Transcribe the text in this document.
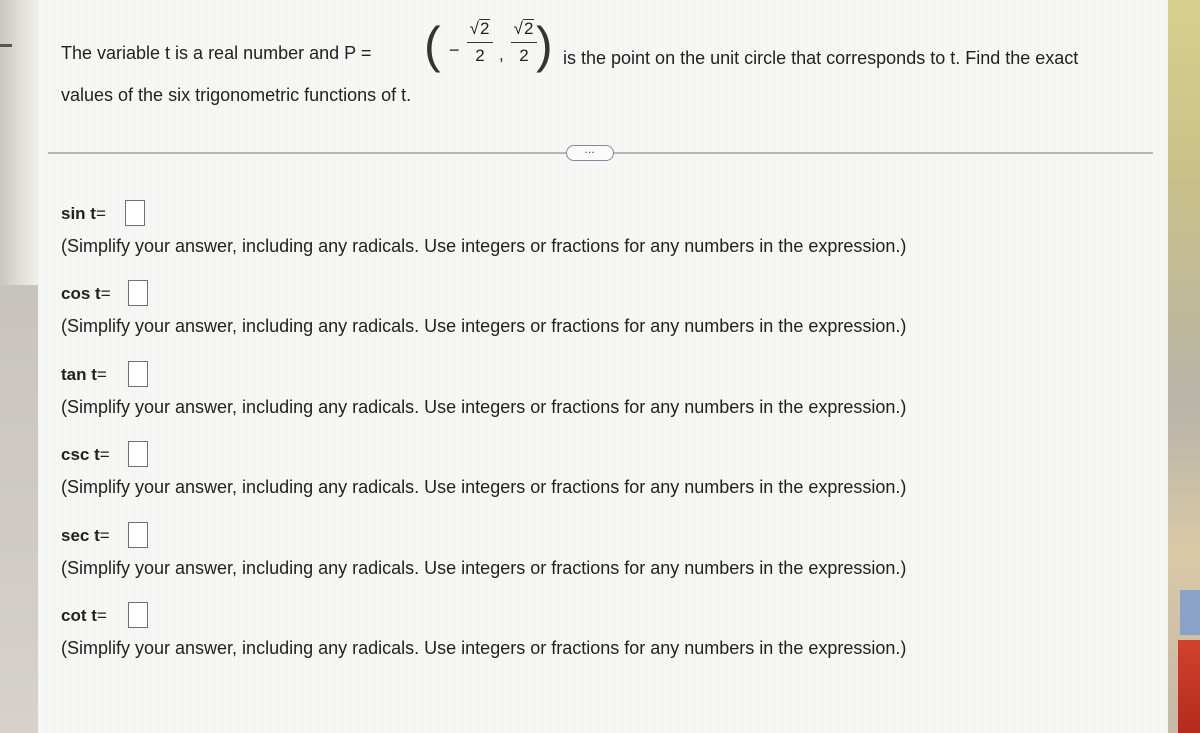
The variable t is a real number and P = ( −
√2
2 ,
√2
2 ) is the point on the unit circle that corresponds to t. Find the exact
values of the six trigonometric functions of t.
…
sin t=
(Simplify your answer, including any radicals. Use integers or fractions for any numbers in the expression.)
cos t=
(Simplify your answer, including any radicals. Use integers or fractions for any numbers in the expression.)
tan t=
(Simplify your answer, including any radicals. Use integers or fractions for any numbers in the expression.)
csc t=
(Simplify your answer, including any radicals. Use integers or fractions for any numbers in the expression.)
sec t=
(Simplify your answer, including any radicals. Use integers or fractions for any numbers in the expression.)
cot t=
(Simplify your answer, including any radicals. Use integers or fractions for any numbers in the expression.)
